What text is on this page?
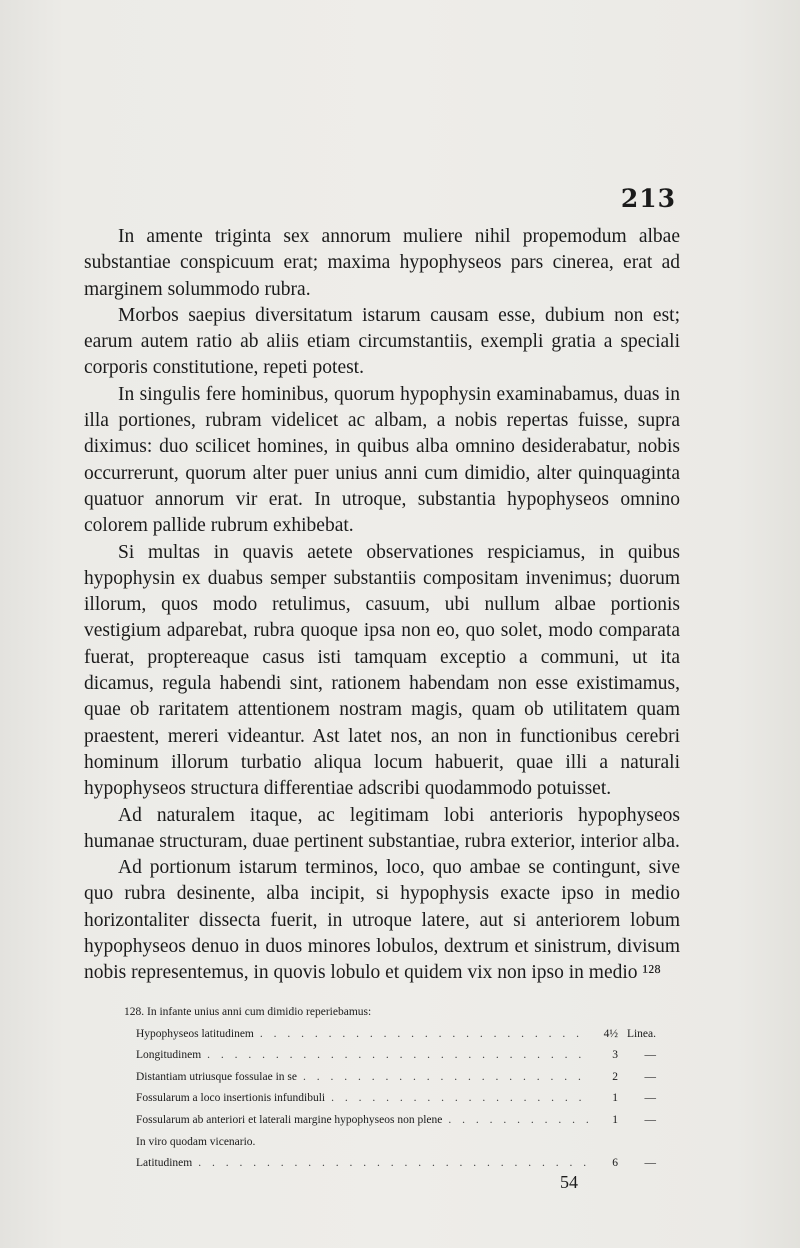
213

In amente triginta sex annorum muliere nihil propemodum albae substantiae conspicuum erat; maxima hypophyseos pars cinerea, erat ad marginem solummodo rubra.

Morbos saepius diversitatum istarum causam esse, dubium non est; earum autem ratio ab aliis etiam circumstantiis, exempli gratia a speciali corporis constitutione, repeti potest.

In singulis fere hominibus, quorum hypophysin examinabamus, duas in illa portiones, rubram videlicet ac albam, a nobis repertas fuisse, supra diximus: duo scilicet homines, in quibus alba omnino desiderabatur, nobis occurrerunt, quorum alter puer unius anni cum dimidio, alter quinquaginta quatuor annorum vir erat. In utroque, substantia hypophyseos omnino colorem pallide rubrum exhibebat.

Si multas in quavis aetete observationes respiciamus, in quibus hypophysin ex duabus semper substantiis compositam invenimus; duorum illorum, quos modo retulimus, casuum, ubi nullum albae portionis vestigium adparebat, rubra quoque ipsa non eo, quo solet, modo comparata fuerat, proptereaque casus isti tamquam exceptio a communi, ut ita dicamus, regula habendi sint, rationem habendam non esse existimamus, quae ob raritatem attentionem nostram magis, quam ob utilitatem quam praestent, mereri videantur. Ast latet nos, an non in functionibus cerebri hominum illorum turbatio aliqua locum habuerit, quae illi a naturali hypophyseos structura differentiae adscribi quodammodo potuisset.

Ad naturalem itaque, ac legitimam lobi anterioris hypophyseos humanae structuram, duae pertinent substantiae, rubra exterior, interior alba.

Ad portionum istarum terminos, loco, quo ambae se contingunt, sive quo rubra desinente, alba incipit, si hypophysis exacte ipso in medio horizontaliter dissecta fuerit, in utroque latere, aut si anteriorem lobum hypophyseos denuo in duos minores lobulos, dextrum et sinistrum, divisum nobis representemus, in quovis lobulo et quidem vix non ipso in medio ¹²⁸

128. In infante unius anni cum dimidio reperiebamus:
Hypophyseos latitudinem . . .	4½ Linea.
Longitudinem . . .	3	—
Distantiam utriusque fossulae in se . . .	2	—
Fossularum a loco insertionis infundibuli . . .	1	—
Fossularum ab anteriori et laterali margine hypophyseos non plene . . .	1	—
In viro quodam vicenario.
Latitudinem . . .	6	—
54
